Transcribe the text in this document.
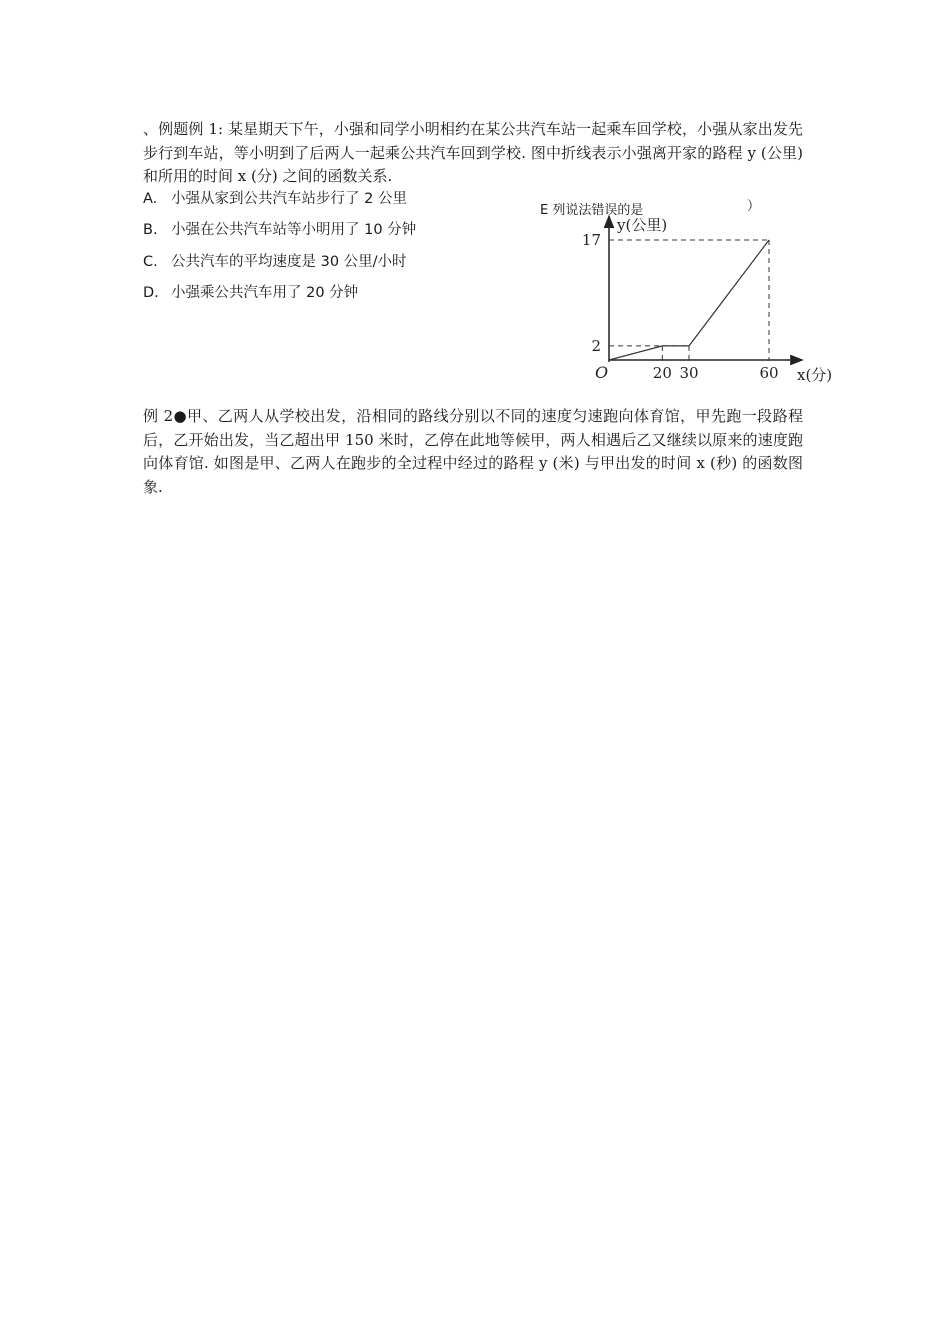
、例题例 1: 某星期天下午，小强和同学小明相约在某公共汽车站一起乘车回学校，小强从家出发先步行到车站，等小明到了后两人一起乘公共汽车回到学校. 图中折线表示小强离开家的路程 y (公里) 和所用的时间 x (分) 之间的函数关系.
A. 小强从家到公共汽车站步行了 2 公里
B. 小强在公共汽车站等小明用了 10 分钟
C. 公共汽车的平均速度是 30 公里/小时
D. 小强乘公共汽车用了 20 分钟
E 列说法错误的是	）
20 30	60
2
17
y(公里)
x(分)
O
例 2●甲、乙两人从学校出发，沿相同的路线分别以不同的速度匀速跑向体育馆，甲先跑一段路程后，乙开始出发，当乙超出甲 150 米时，乙停在此地等候甲，两人相遇后乙又继续以原来的速度跑向体育馆. 如图是甲、乙两人在跑步的全过程中经过的路程 y (米) 与甲出发的时间 x (秒) 的函数图象.
